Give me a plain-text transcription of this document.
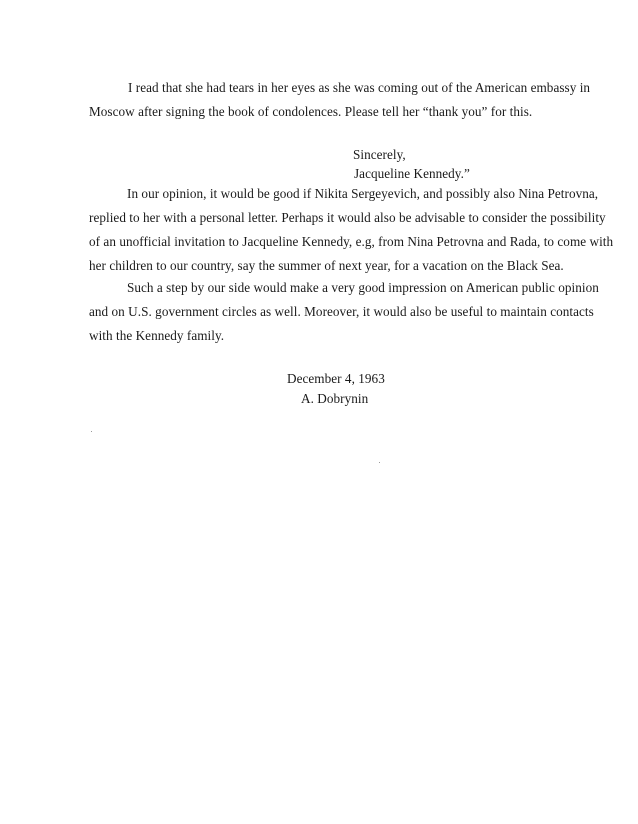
I read that she had tears in her eyes as she was coming out of the American embassy in
Moscow after signing the book of condolences. Please tell her “thank you” for this.
Sincerely,
Jacqueline Kennedy.”
In our opinion, it would be good if Nikita Sergeyevich, and possibly also Nina Petrovna,
replied to her with a personal letter. Perhaps it would also be advisable to consider the possibility
of an unofficial invitation to Jacqueline Kennedy, e.g, from Nina Petrovna and Rada, to come with
her children to our country, say the summer of next year, for a vacation on the Black Sea.
Such a step by our side would make a very good impression on American public opinion
and on U.S. government circles as well. Moreover, it would also be useful to maintain contacts
with the Kennedy family.
December 4, 1963
A. Dobrynin
